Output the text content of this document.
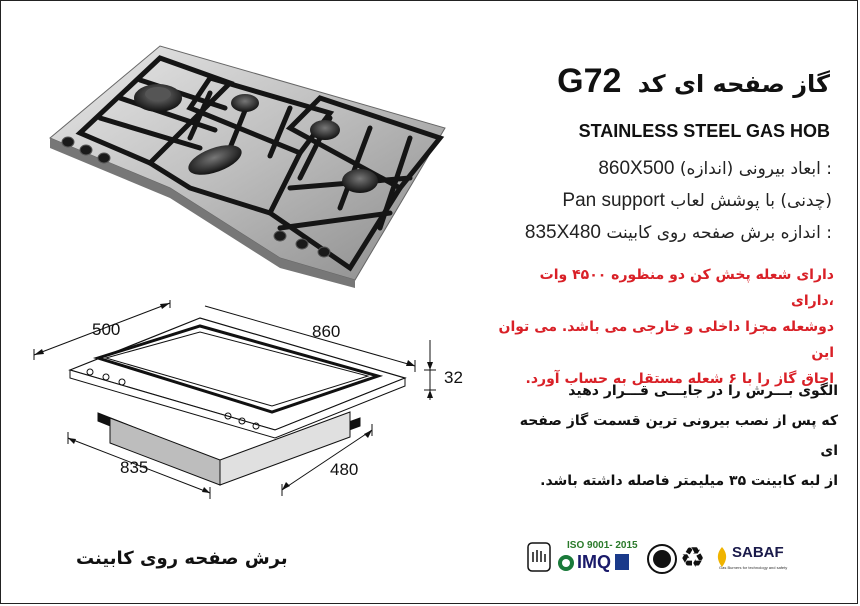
گاز صفحه ای کد G72
STAINLESS STEEL GAS HOB
: ابعاد بیرونی (اندازه) 860X500
(چدنی) با پوشش لعاب Pan support
: اندازه برش صفحه روی کابینت 835X480
دارای شعله پخش کن دو منظوره ۴۵۰۰ وات ،دارای
دوشعله مجزا داخلی و خارجی می باشد. می توان این
اجاق گاز را با ۶ شعله مستقل به حساب آورد.
الگوی بـــرش را در جایـــی قـــرار دهید
که پس از نصب بیرونی ترین قسمت گاز صفحه ای
از لبه کابینت ۳۵ میلیمتر فاصله داشته باشد.
500	860
32
835	480
برش صفحه روی کابینت
ISO 9001- 2015
IMQ ♻ SABAF
Gas Burners for technology and safety
